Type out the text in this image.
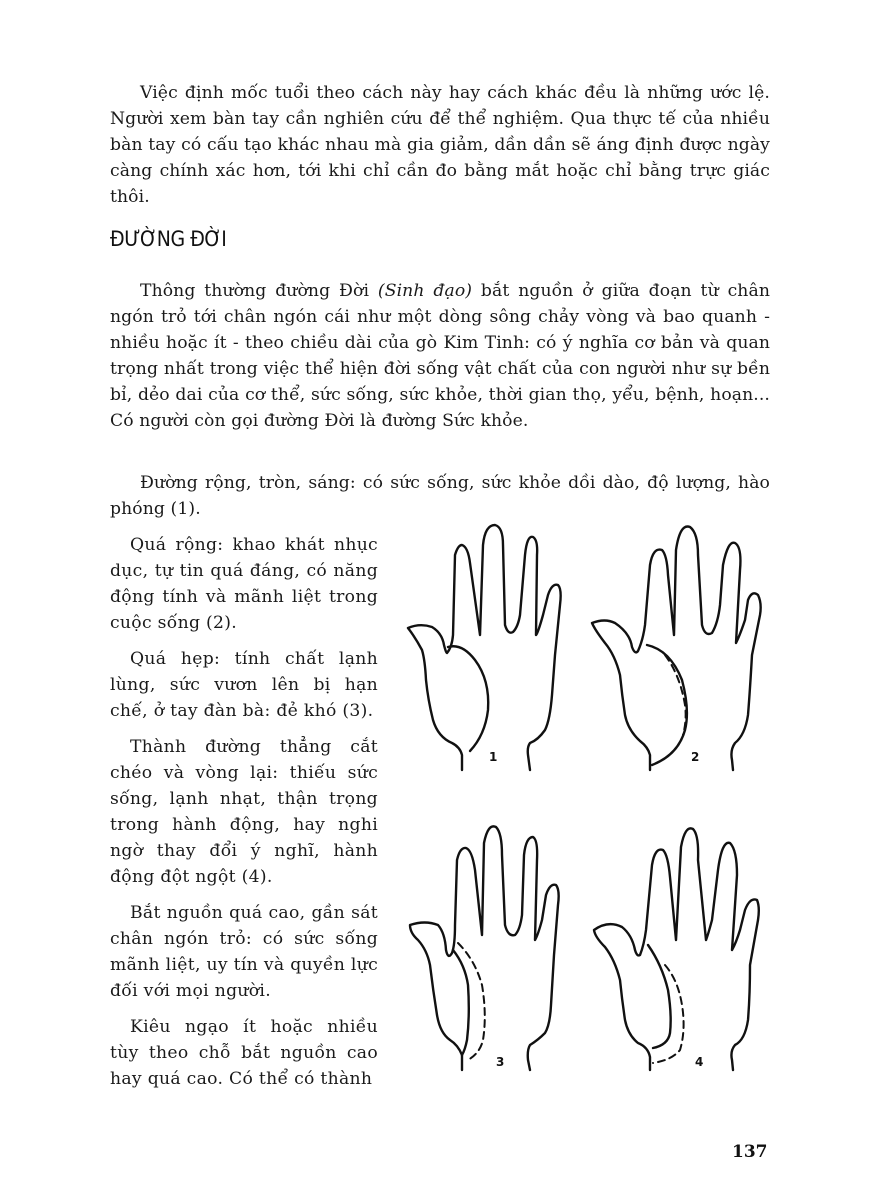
Việc định mốc tuổi theo cách này hay cách khác đều là những ước lệ. Người xem bàn tay cần nghiên cứu để thể nghiệm. Qua thực tế của nhiều bàn tay có cấu tạo khác nhau mà gia giảm, dần dần sẽ áng định được ngày càng chính xác hơn, tới khi chỉ cần đo bằng mắt hoặc chỉ bằng trực giác thôi.

ĐƯỜNG ĐỜI

Thông thường đường Đời (Sinh đạo) bắt nguồn ở giữa đoạn từ chân ngón trỏ tới chân ngón cái như một dòng sông chảy vòng và bao quanh - nhiều hoặc ít - theo chiều dài của gò Kim Tinh: có ý nghĩa cơ bản và quan trọng nhất trong việc thể hiện đời sống vật chất của con người như sự bền bỉ, dẻo dai của cơ thể, sức sống, sức khỏe, thời gian thọ, yểu, bệnh, hoạn... Có người còn gọi đường Đời là đường Sức khỏe.

Đường rộng, tròn, sáng: có sức sống, sức khỏe dồi dào, độ lượng, hào phóng (1).

Quá rộng: khao khát nhục dục, tự tin quá đáng, có năng động tính và mãnh liệt trong cuộc sống (2).

Quá hẹp: tính chất lạnh lùng, sức vươn lên bị hạn chế, ở tay đàn bà: đẻ khó (3).

Thành đường thẳng cắt chéo và vòng lại: thiếu sức sống, lạnh nhạt, thận trọng trong hành động, hay nghi ngờ thay đổi ý nghĩ, hành động đột ngột (4).

Bắt nguồn quá cao, gần sát chân ngón trỏ: có sức sống mãnh liệt, uy tín và quyền lực đối với mọi người.

Kiêu ngạo ít hoặc nhiều tùy theo chỗ bắt nguồn cao hay quá cao. Có thể có thành

1	2
3	4
137
